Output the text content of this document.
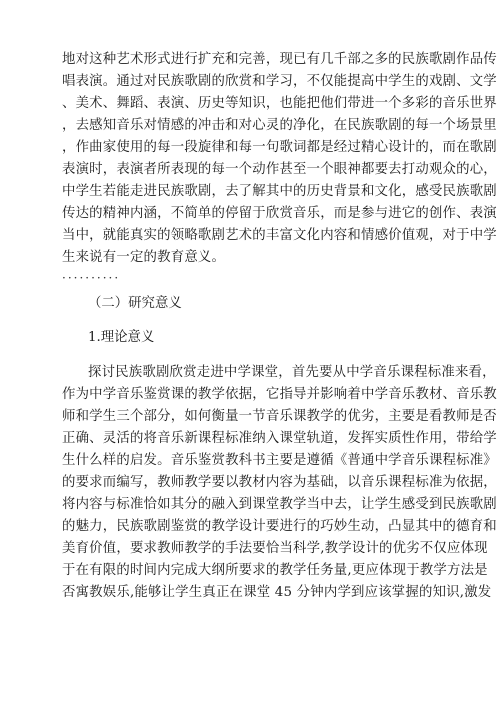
地对这种艺术形式进行扩充和完善，现已有几千部之多的民族歌剧作品传
唱表演。通过对民族歌剧的欣赏和学习，不仅能提高中学生的戏剧、文学
、美术、舞蹈、表演、历史等知识，也能把他们带进一个多彩的音乐世界
，去感知音乐对情感的冲击和对心灵的净化，在民族歌剧的每一个场景里
，作曲家使用的每一段旋律和每一句歌词都是经过精心设计的，而在歌剧
表演时，表演者所表现的每一个动作甚至一个眼神都要去打动观众的心，
中学生若能走进民族歌剧，去了解其中的历史背景和文化，感受民族歌剧
传达的精神内涵，不简单的停留于欣赏音乐，而是参与进它的创作、表演
当中，就能真实的领略歌剧艺术的丰富文化内容和情感价值观，对于中学
生来说有一定的教育意义。
··········
（二）研究意义
1.理论意义
探讨民族歌剧欣赏走进中学课堂，首先要从中学音乐课程标准来看，
作为中学音乐鉴赏课的教学依据，它指导并影响着中学音乐教材、音乐教
师和学生三个部分，如何衡量一节音乐课教学的优劣，主要是看教师是否
正确、灵活的将音乐新课程标准纳入课堂轨道，发挥实质性作用，带给学
生什么样的启发。音乐鉴赏教科书主要是遵循《普通中学音乐课程标准》
的要求而编写，教师教学要以教材内容为基础，以音乐课程标准为依据，
将内容与标准恰如其分的融入到课堂教学当中去，让学生感受到民族歌剧
的魅力，民族歌剧鉴赏的教学设计要进行的巧妙生动，凸显其中的德育和
美育价值，要求教师教学的手法要恰当科学,教学设计的优劣不仅应体现
于在有限的时间内完成大纲所要求的教学任务量,更应体现于教学方法是
否寓教娱乐,能够让学生真正在课堂 45 分钟内学到应该掌握的知识,激发
